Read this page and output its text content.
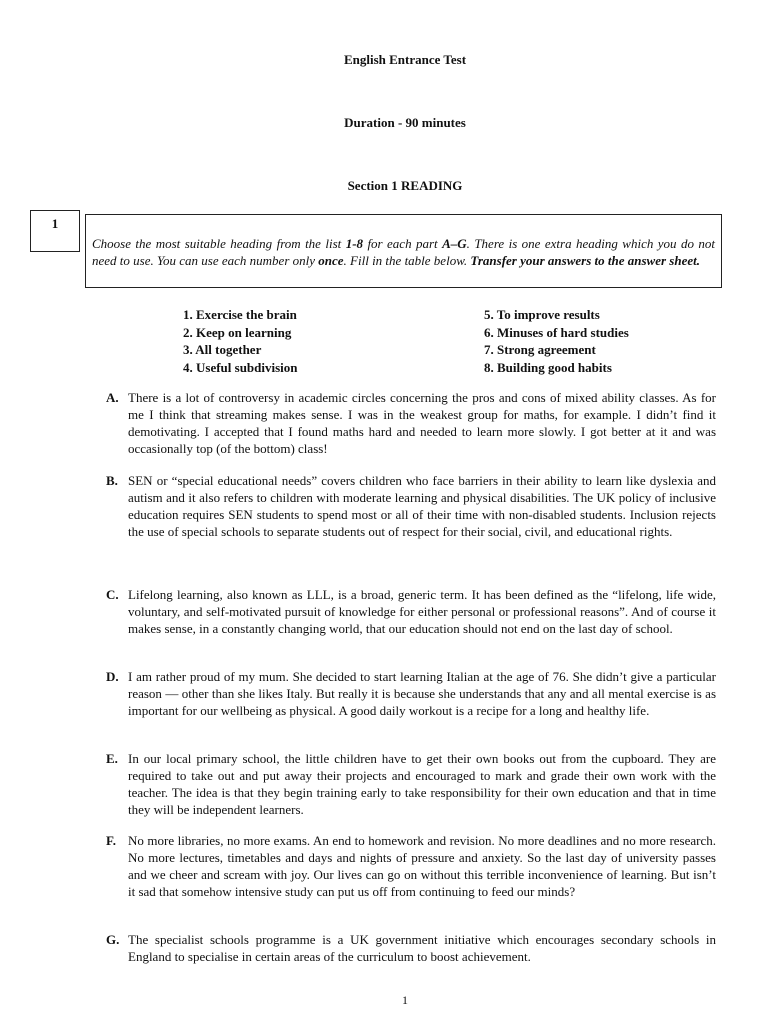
English Entrance Test
Duration - 90 minutes
Section 1 READING
1
Choose the most suitable heading from the list 1-8 for each part A–G. There is one extra heading which you do not need to use. You can use each number only once. Fill in the table below. Transfer your answers to the answer sheet.
1. Exercise the brain
2. Keep on learning
3. All together
4. Useful subdivision
5. To improve results
6. Minuses of hard studies
7. Strong agreement
8. Building good habits
A. There is a lot of controversy in academic circles concerning the pros and cons of mixed ability classes. As for me I think that streaming makes sense. I was in the weakest group for maths, for example. I didn’t find it demotivating. I accepted that I found maths hard and needed to learn more slowly. I got better at it and was occasionally top (of the bottom) class!
B. SEN or “special educational needs” covers children who face barriers in their ability to learn like dyslexia and autism and it also refers to children with moderate learning and physical disabilities. The UK policy of inclusive education requires SEN students to spend most or all of their time with non-disabled students. Inclusion rejects the use of special schools to separate students out of respect for their social, civil, and educational rights.
C. Lifelong learning, also known as LLL, is a broad, generic term. It has been defined as the “lifelong, life wide, voluntary, and self-motivated pursuit of knowledge for either personal or professional reasons”. And of course it makes sense, in a constantly changing world, that our education should not end on the last day of school.
D. I am rather proud of my mum. She decided to start learning Italian at the age of 76. She didn’t give a particular reason — other than she likes Italy. But really it is because she understands that any and all mental exercise is as important for our wellbeing as physical. A good daily workout is a recipe for a long and healthy life.
E. In our local primary school, the little children have to get their own books out from the cupboard. They are required to take out and put away their projects and encouraged to mark and grade their own work with the teacher. The idea is that they begin training early to take responsibility for their own education and that in time they will be independent learners.
F. No more libraries, no more exams. An end to homework and revision. No more deadlines and no more research. No more lectures, timetables and days and nights of pressure and anxiety. So the last day of university passes and we cheer and scream with joy. Our lives can go on without this terrible inconvenience of learning. But isn’t it sad that somehow intensive study can put us off from continuing to feed our minds?
G. The specialist schools programme is a UK government initiative which encourages secondary schools in England to specialise in certain areas of the curriculum to boost achievement.
1
